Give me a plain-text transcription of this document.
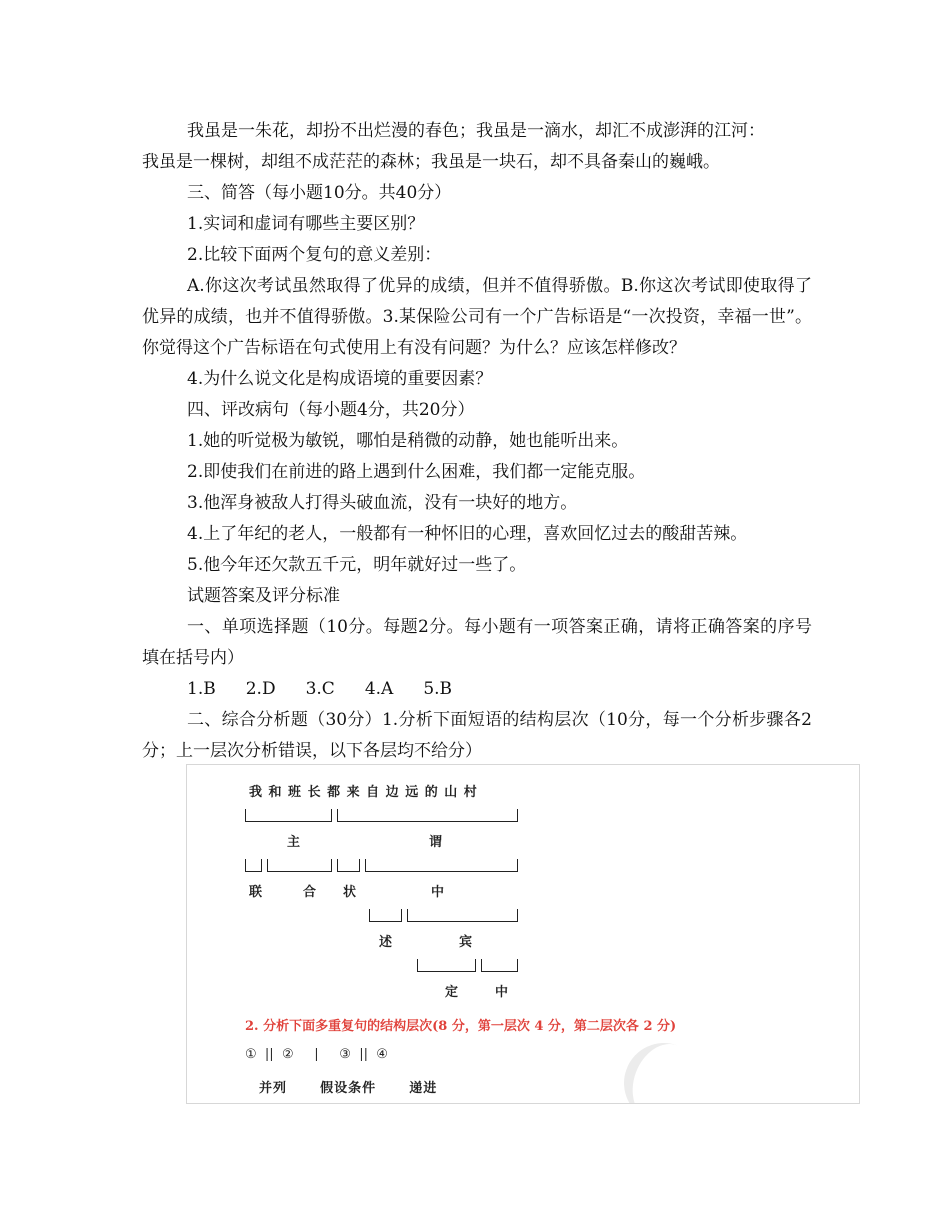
我虽是一朱花，却扮不出烂漫的春色；我虽是一滴水，却汇不成澎湃的江河：

我虽是一棵树，却组不成茫茫的森林；我虽是一块石，却不具备秦山的巍峨。

三、简答（每小题10分。共40分）

1.实词和虚词有哪些主要区别？

2.比较下面两个复句的意义差别：

A.你这次考试虽然取得了优异的成绩，但并不值得骄傲。B.你这次考试即使取得了优异的成绩，也并不值得骄傲。3.某保险公司有一个广告标语是“一次投资，幸福一世”。你觉得这个广告标语在句式使用上有没有问题？为什么？应该怎样修改？

4.为什么说文化是构成语境的重要因素？

四、评改病句（每小题4分，共20分）

1.她的听觉极为敏锐，哪怕是稍微的动静，她也能听出来。

2.即使我们在前进的路上遇到什么困难，我们都一定能克服。

3.他浑身被敌人打得头破血流，没有一块好的地方。

4.上了年纪的老人，一般都有一种怀旧的心理，喜欢回忆过去的酸甜苦辣。

5.他今年还欠款五千元，明年就好过一些了。

试题答案及评分标准

一、单项选择题（10分。每题2分。每小题有一项答案正确，请将正确答案的序号填在括号内）

1.B 2.D 3.C 4.A 5.B

二、综合分析题（30分）1.分析下面短语的结构层次（10分，每一个分析步骤各2分；上一层次分析错误，以下各层均不给分）

我 和 班 长 都 来 自 边 远 的 山 村
主	谓
联	合 状	中
述	宾
定	中
2. 分析下面多重复句的结构层次(8 分，第一层次 4 分，第二层次各 2 分)
①  ||  ②     |     ③  ||  ④
并列      假设条件      递进
